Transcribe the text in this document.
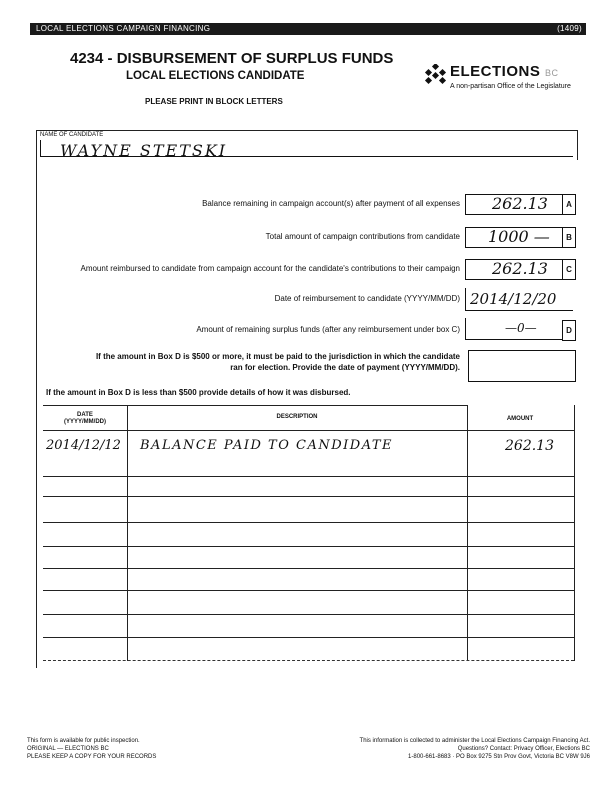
LOCAL ELECTIONS CAMPAIGN FINANCING	(1409)
4234 - DISBURSEMENT OF SURPLUS FUNDS
LOCAL ELECTIONS CANDIDATE
PLEASE PRINT IN BLOCK LETTERS
ELECTIONS BC
A non-partisan Office of the Legislature
NAME OF CANDIDATE
WAYNE STETSKI
Balance remaining in campaign account(s) after payment of all expenses 262.13	A
Total amount of campaign contributions from candidate 1000 —	B
Amount reimbursed to candidate from campaign account for the candidate's contributions to their campaign 262.13	C
Date of reimbursement to candidate (YYYY/MM/DD) 2014/12/20
Amount of remaining surplus funds (after any reimbursement under box C)	—0—	D
If the amount in Box D is $500 or more, it must be paid to the jurisdiction in which the candidate
ran for election. Provide the date of payment (YYYY/MM/DD).
If the amount in Box D is less than $500 provide details of how it was disbursed.
DATE
(YYYY/MM/DD)
DESCRIPTION	AMOUNT
2014/12/12 BALANCE PAID TO CANDIDATE	262.13
This form is available for public inspection.
ORIGINAL — ELECTIONS BC
PLEASE KEEP A COPY FOR YOUR RECORDS
This information is collected to administer the Local Elections Campaign Financing Act.
Questions? Contact: Privacy Officer, Elections BC
1-800-661-8683 · PO Box 9275 Stn Prov Govt, Victoria BC V8W 9J6
